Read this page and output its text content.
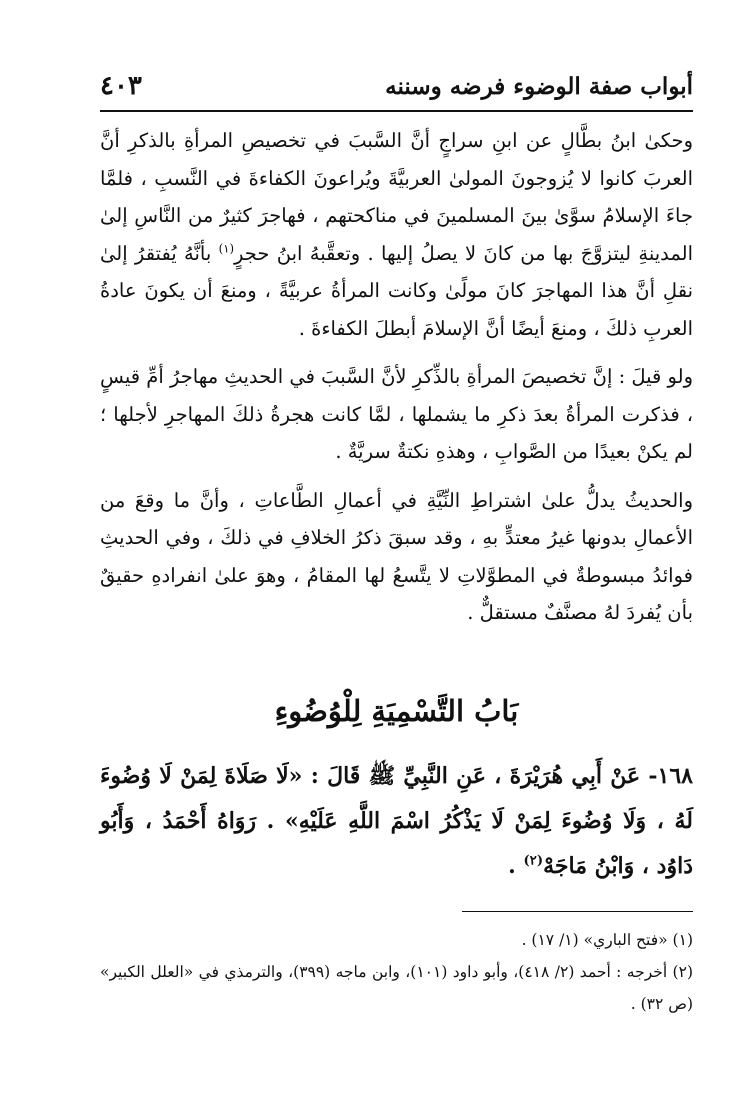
أبواب صفة الوضوء فرضه وسننه
٤٠٣

وحكىٰ ابنُ بطَّالٍ عن ابنِ سراجٍ أنَّ السَّببَ في تخصيصِ المرأةِ بالذكرِ أنَّ العربَ كانوا لا يُزوجونَ المولىٰ العربيَّةَ ويُراعونَ الكفاءةَ في النَّسبِ ، فلمَّا جاءَ الإسلامُ سوَّىٰ بينَ المسلمينَ في مناكحتهم ، فهاجرَ كثيرٌ من النَّاسِ إلىٰ المدينةِ ليتزوَّجَ بها من كانَ لا يصلُ إليها . وتعقَّبهُ ابنُ حجرٍ$^{(١)}$ بأنَّهُ يُفتقرُ إلىٰ نقلِ أنَّ هذا المهاجرَ كانَ مولًىٰ وكانت المرأةُ عربيَّةً ، ومنعَ أن يكونَ عادةُ العربِ ذلكَ ، ومنعَ أيضًا أنَّ الإسلامَ أبطلَ الكفاءةَ .

ولو قيلَ : إنَّ تخصيصَ المرأةِ بالذِّكرِ لأنَّ السَّببَ في الحديثِ مهاجرُ أمِّ قيسٍ ، فذكرت المرأةُ بعدَ ذكرِ ما يشملها ، لمَّا كانت هجرةُ ذلكَ المهاجرِ لأجلها ؛ لم يكنْ بعيدًا من الصَّوابِ ، وهذهِ نكتةٌ سريَّةٌ .

والحديثُ يدلُّ علىٰ اشتراطِ النِّيَّةِ في أعمالِ الطَّاعاتِ ، وأنَّ ما وقعَ من الأعمالِ بدونها غيرُ معتدٍّ بهِ ، وقد سبقَ ذكرُ الخلافِ في ذلكَ ، وفي الحديثِ فوائدُ مبسوطةٌ في المطوَّلاتِ لا يتَّسعُ لها المقامُ ، وهوَ علىٰ انفرادهِ حقيقٌ بأن يُفردَ لهُ مصنَّفٌ مستقلٌّ .

بَابُ التَّسْمِيَةِ لِلْوُضُوءِ
١٦٨- عَنْ أَبِي هُرَيْرَةَ ، عَنِ النَّبِيِّ ﷺ قَالَ : «لَا صَلَاةَ لِمَنْ لَا وُضُوءَ لَهُ ، وَلَا وُضُوءَ لِمَنْ لَا يَذْكُرُ اسْمَ اللَّهِ عَلَيْهِ» . رَوَاهُ أَحْمَدُ ، وَأَبُو دَاوُد ، وَابْنُ مَاجَهْ$^{(٢)}$ .

(١) «فتح الباري» (١/ ١٧) .

(٢) أخرجه : أحمد (٢/ ٤١٨)، وأبو داود (١٠١)، وابن ماجه (٣٩٩)، والترمذي في «العلل الكبير» (ص ٣٢) .
